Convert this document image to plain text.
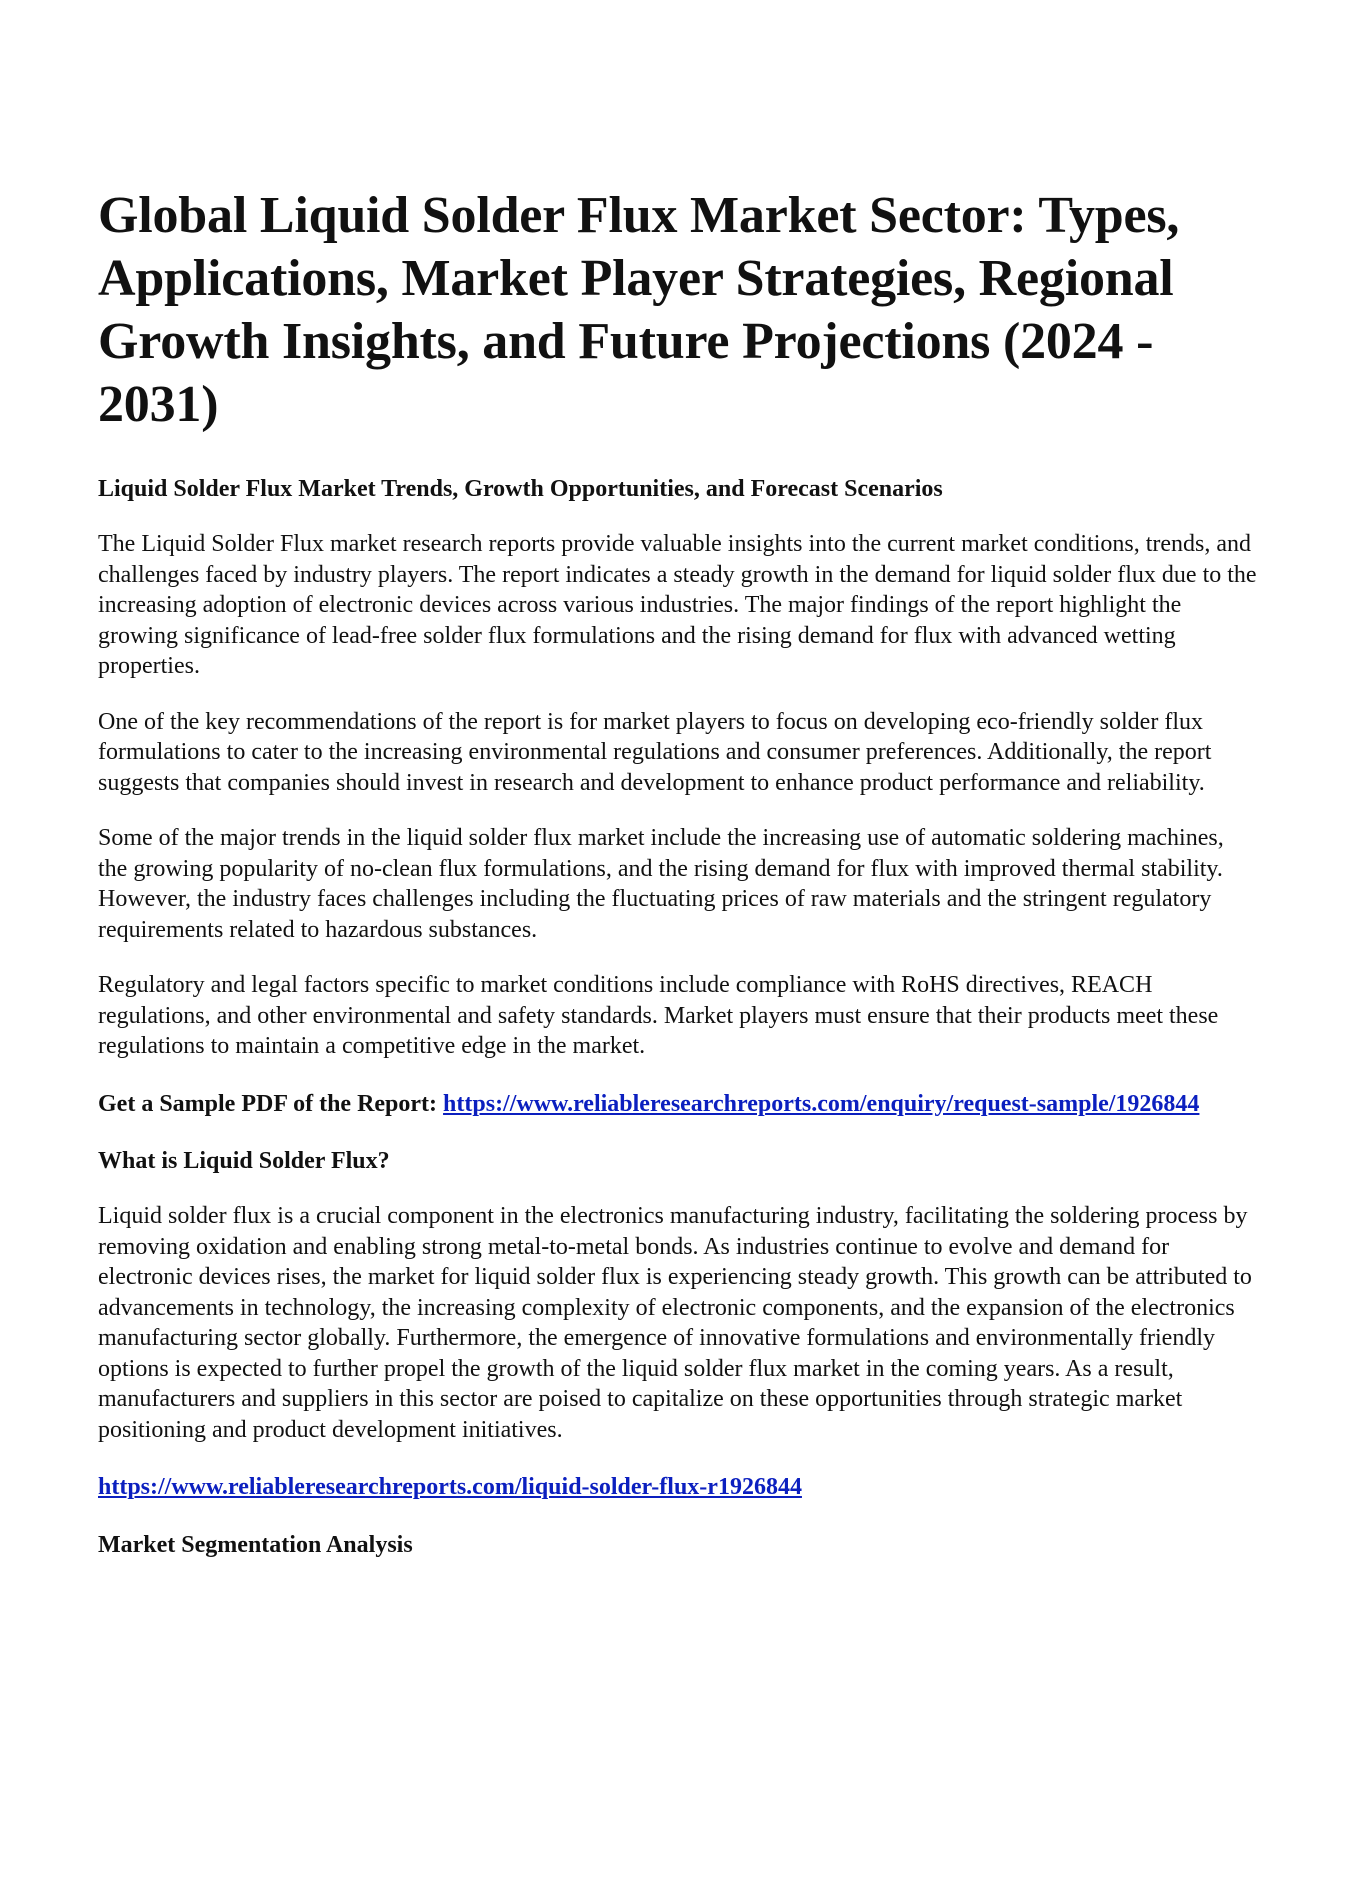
Global Liquid Solder Flux Market Sector: Types, Applications, Market Player Strategies, Regional Growth Insights, and Future Projections (2024 - 2031)

Liquid Solder Flux Market Trends, Growth Opportunities, and Forecast Scenarios

The Liquid Solder Flux market research reports provide valuable insights into the current market conditions, trends, and challenges faced by industry players. The report indicates a steady growth in the demand for liquid solder flux due to the increasing adoption of electronic devices across various industries. The major findings of the report highlight the growing significance of lead-free solder flux formulations and the rising demand for flux with advanced wetting properties.

One of the key recommendations of the report is for market players to focus on developing eco-friendly solder flux formulations to cater to the increasing environmental regulations and consumer preferences. Additionally, the report suggests that companies should invest in research and development to enhance product performance and reliability.

Some of the major trends in the liquid solder flux market include the increasing use of automatic soldering machines, the growing popularity of no-clean flux formulations, and the rising demand for flux with improved thermal stability. However, the industry faces challenges including the fluctuating prices of raw materials and the stringent regulatory requirements related to hazardous substances.

Regulatory and legal factors specific to market conditions include compliance with RoHS directives, REACH regulations, and other environmental and safety standards. Market players must ensure that their products meet these regulations to maintain a competitive edge in the market.

Get a Sample PDF of the Report: https://www.reliableresearchreports.com/enquiry/request-sample/1926844

What is Liquid Solder Flux?

Liquid solder flux is a crucial component in the electronics manufacturing industry, facilitating the soldering process by removing oxidation and enabling strong metal-to-metal bonds. As industries continue to evolve and demand for electronic devices rises, the market for liquid solder flux is experiencing steady growth. This growth can be attributed to advancements in technology, the increasing complexity of electronic components, and the expansion of the electronics manufacturing sector globally. Furthermore, the emergence of innovative formulations and environmentally friendly options is expected to further propel the growth of the liquid solder flux market in the coming years. As a result, manufacturers and suppliers in this sector are poised to capitalize on these opportunities through strategic market positioning and product development initiatives.

https://www.reliableresearchreports.com/liquid-solder-flux-r1926844

Market Segmentation Analysis
